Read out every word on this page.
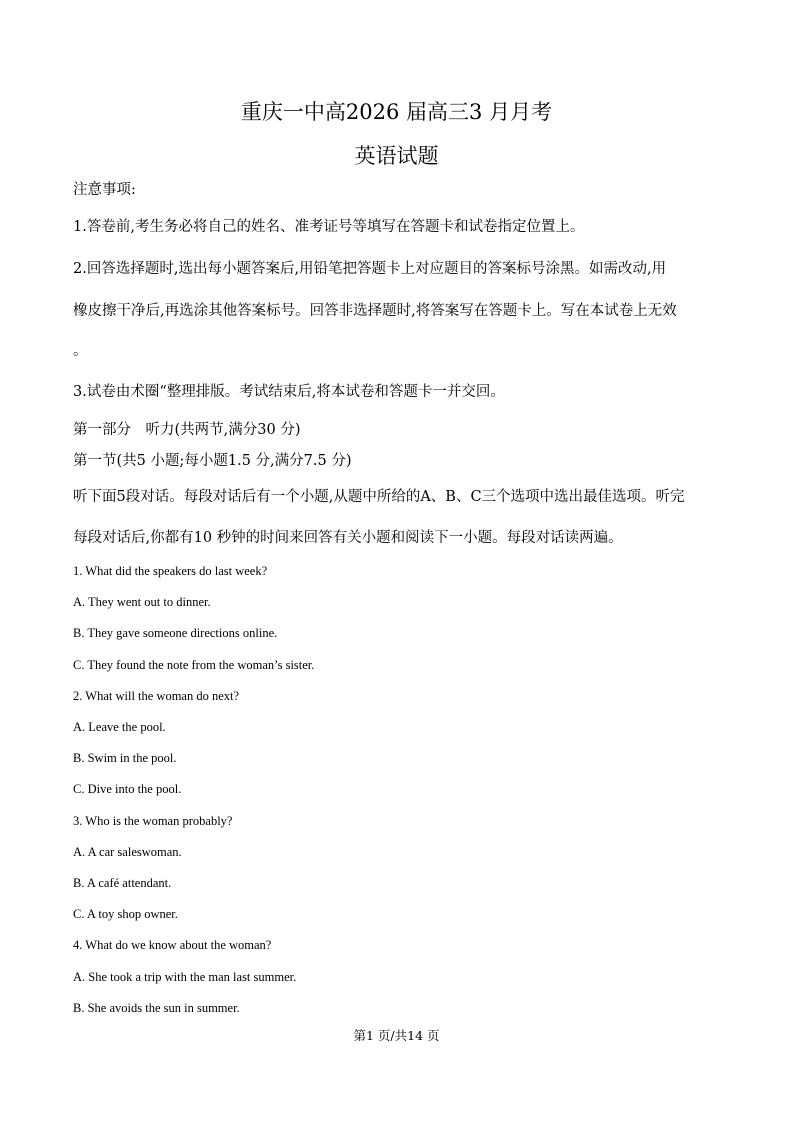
重庆一中高2026 届高三3 月月考
英语试题
注意事项:
1.答卷前,考生务必将自己的姓名、准考证号等填写在答题卡和试卷指定位置上。
2.回答选择题时,选出每小题答案后,用铅笔把答题卡上对应题目的答案标号涂黑。如需改动,用
橡皮擦干净后,再选涂其他答案标号。回答非选择题时,将答案写在答题卡上。写在本试卷上无效
。
3.试卷由术圈“整理排版。考试结束后,将本试卷和答题卡一并交回。
第一部分　听力(共两节,满分30 分)
第一节(共5 小题;每小题1.5 分,满分7.5 分)
听下面5段对话。每段对话后有一个小题,从题中所给的A、B、C三个选项中选出最佳选项。听完
每段对话后,你都有10 秒钟的时间来回答有关小题和阅读下一小题。每段对话读两遍。
1. What did the speakers do last week?
A. They went out to dinner.
B. They gave someone directions online.
C. They found the note from the woman’s sister.
2. What will the woman do next?
A. Leave the pool.
B. Swim in the pool.
C. Dive into the pool.
3. Who is the woman probably?
A. A car saleswoman.
B. A café attendant.
C. A toy shop owner.
4. What do we know about the woman?
A. She took a trip with the man last summer.
B. She avoids the sun in summer.
第1 页/共14 页
